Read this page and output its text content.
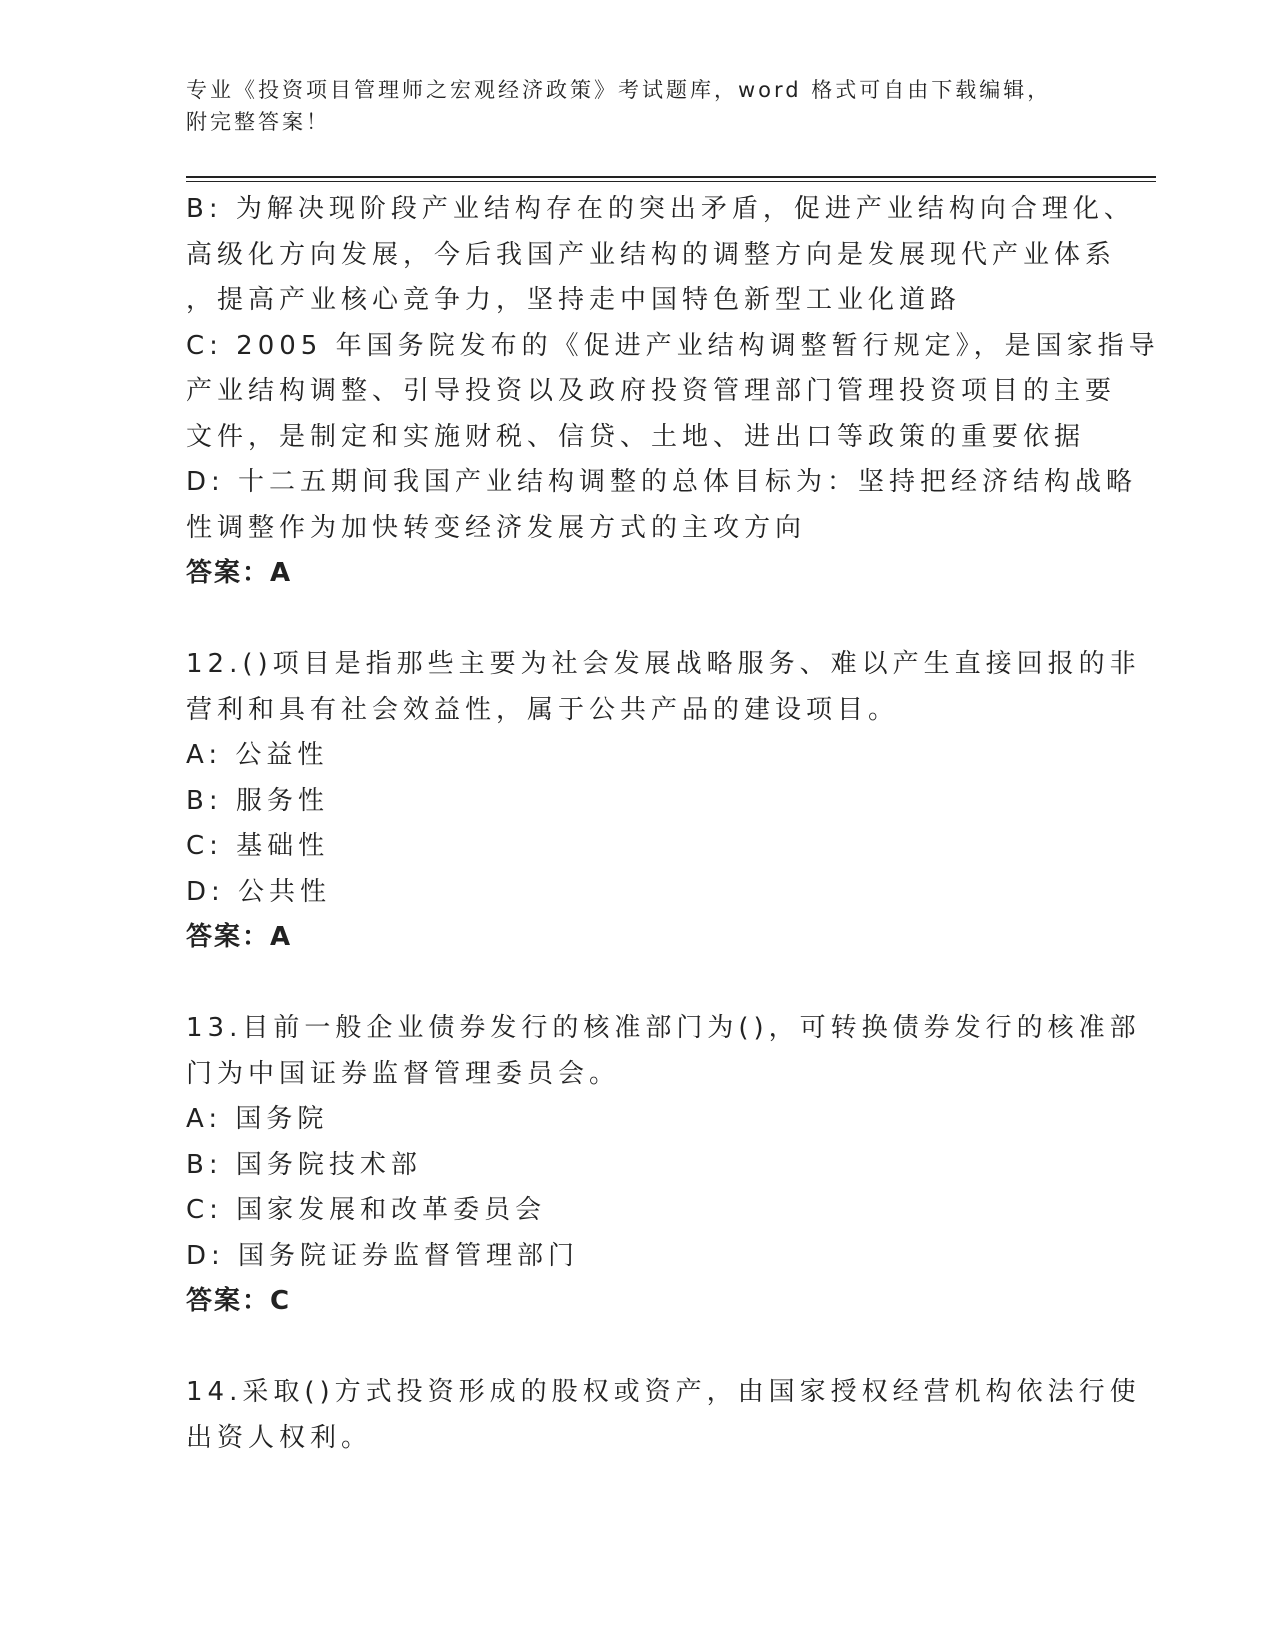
专业《投资项目管理师之宏观经济政策》考试题库，word 格式可自由下载编辑，
附完整答案！
B: 为解决现阶段产业结构存在的突出矛盾，促进产业结构向合理化、
高级化方向发展，今后我国产业结构的调整方向是发展现代产业体系
，提高产业核心竞争力，坚持走中国特色新型工业化道路
C: 2005 年国务院发布的《促进产业结构调整暂行规定》，是国家指导
产业结构调整、引导投资以及政府投资管理部门管理投资项目的主要
文件，是制定和实施财税、信贷、土地、进出口等政策的重要依据
D: 十二五期间我国产业结构调整的总体目标为：坚持把经济结构战略
性调整作为加快转变经济发展方式的主攻方向
答案：A
12.()项目是指那些主要为社会发展战略服务、难以产生直接回报的非
营利和具有社会效益性，属于公共产品的建设项目。
A: 公益性
B: 服务性
C: 基础性
D: 公共性
答案：A
13.目前一般企业债券发行的核准部门为()，可转换债券发行的核准部
门为中国证券监督管理委员会。
A: 国务院
B: 国务院技术部
C: 国家发展和改革委员会
D: 国务院证券监督管理部门
答案：C
14.采取()方式投资形成的股权或资产，由国家授权经营机构依法行使
出资人权利。
